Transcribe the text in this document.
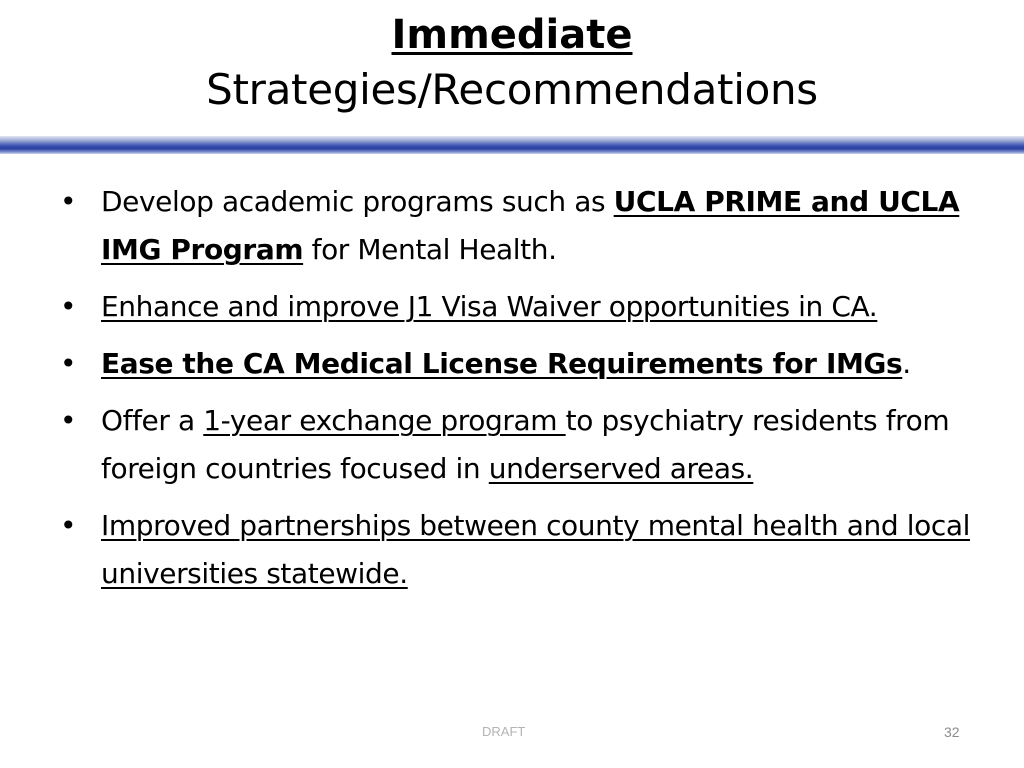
Immediate
Strategies/Recommendations
• Develop academic programs such as UCLA PRIME and UCLA IMG Program for Mental Health.
• Enhance and improve J1 Visa Waiver opportunities in CA.
• Ease the CA Medical License Requirements for IMGs.
• Offer a 1-year exchange program to psychiatry residents from foreign countries focused in underserved areas.
• Improved partnerships between county mental health and local universities statewide.
DRAFT	32
